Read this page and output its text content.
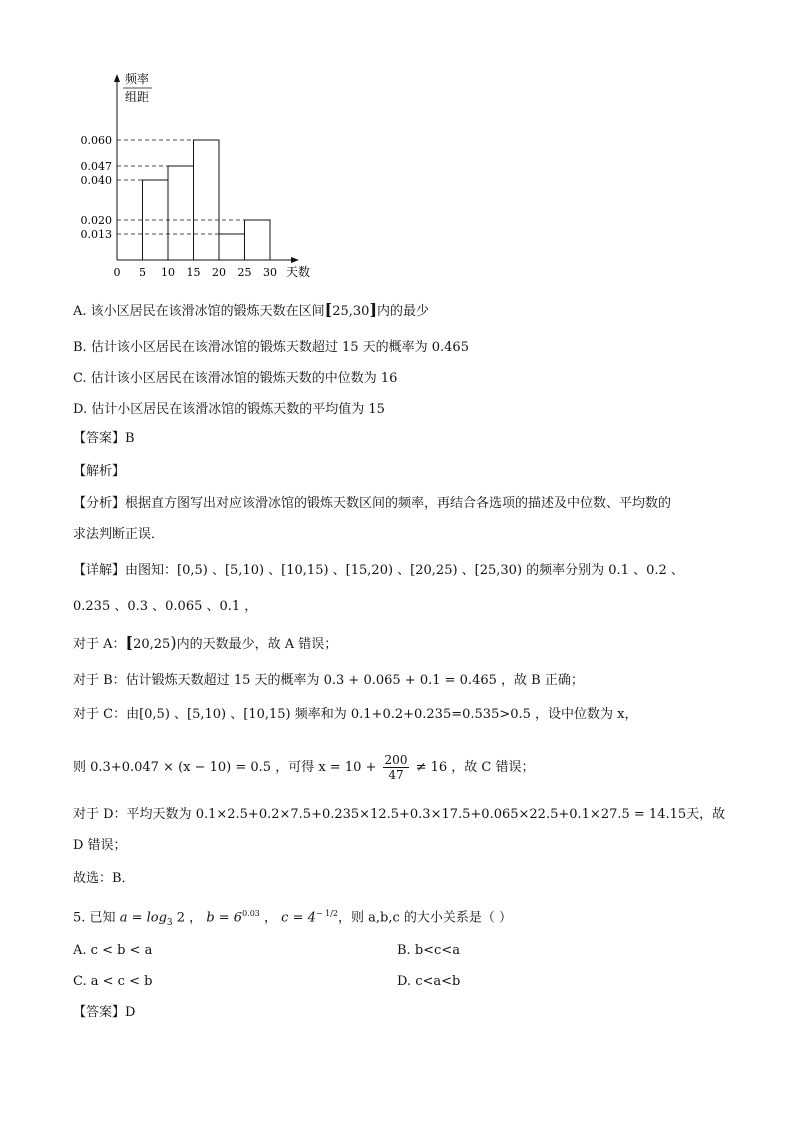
频率
组距
天数
0.060
0.047
0.040
0.020
0.013
0 5 10 15 20 25 30
A. 该小区居民在该滑冰馆的锻炼天数在区间[25,30]内的最少
B. 估计该小区居民在该滑冰馆的锻炼天数超过 15 天的概率为 0.465
C. 估计该小区居民在该滑冰馆的锻炼天数的中位数为 16
D. 估计小区居民在该滑冰馆的锻炼天数的平均值为 15
【答案】B
【解析】
【分析】根据直方图写出对应该滑冰馆的锻炼天数区间的频率，再结合各选项的描述及中位数、平均数的
求法判断正误．
【详解】由图知：[0,5) 、[5,10) 、[10,15) 、[15,20) 、[20,25) 、[25,30) 的频率分别为 0.1 、0.2 、
0.235 、0.3 、0.065 、0.1 ，
对于 A：[20,25)内的天数最少，故 A 错误；
对于 B：估计锻炼天数超过 15 天的概率为 0.3 + 0.065 + 0.1 = 0.465 ，故 B 正确；
对于 C：由[0,5) 、[5,10) 、[10,15) 频率和为 0.1+0.2+0.235=0.535>0.5 ，设中位数为 x，
则 0.3+0.047 × (x − 10) = 0.5 ，可得 $x = 10 + \frac{200}{47} \ne 16$ ，故 C 错误；
对于 D：平均天数为 0.1×2.5+0.2×7.5+0.235×12.5+0.3×17.5+0.065×22.5+0.1×27.5 = 14.15天，故
D 错误；
故选：B．
5. 已知 $a = \log_3 2$ ， $b = 6^{0.03}$ ， $c = 4^{- 1/2}$，则 a,b,c 的大小关系是（ ）
A. c < b < a	B. b<c<a
C. a < c < b	D. c<a<b
【答案】D
